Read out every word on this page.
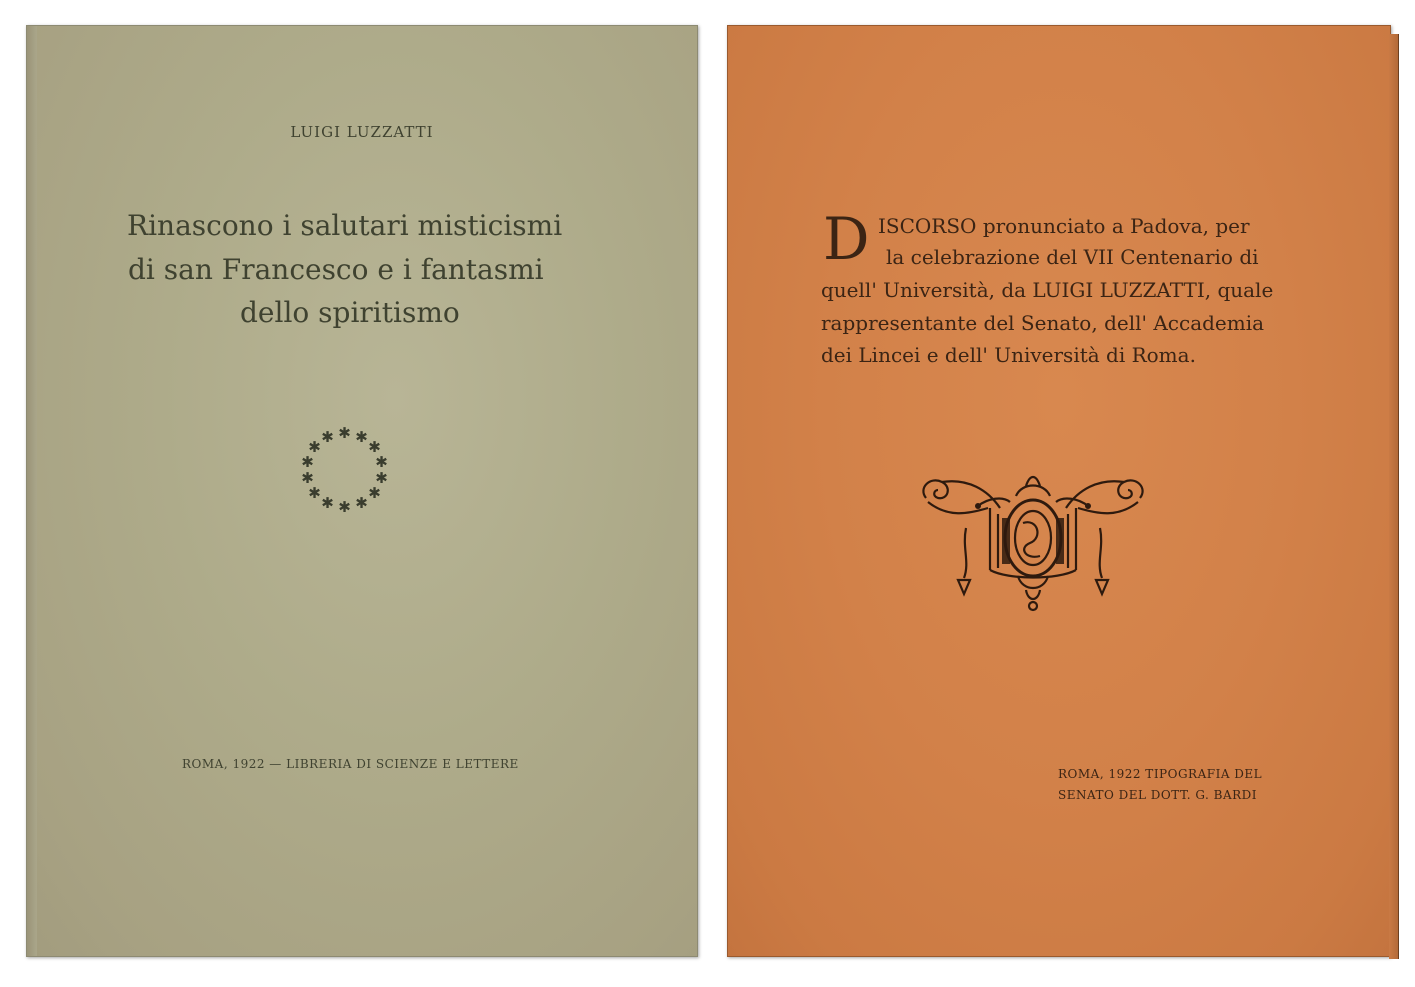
LUIGI LUZZATTI
Rinascono i salutari misticismi
di san Francesco e i fantasmi
dello spiritismo
✱ ✱
✱
✱
✱
✱
✱
✱
✱
✱
✱
✱
✱
✱
ROMA, 1922 — LIBRERIA DI SCIENZE E LETTERE
D ISCORSO pronunciato a Padova, per
la celebrazione del VII Centenario di
quell' Università, da LUIGI LUZZATTI, quale
rappresentante del Senato, dell' Accademia
dei Lincei e dell' Università di Roma.
ROMA, 1922 TIPOGRAFIA DEL
SENATO DEL DOTT. G. BARDI
